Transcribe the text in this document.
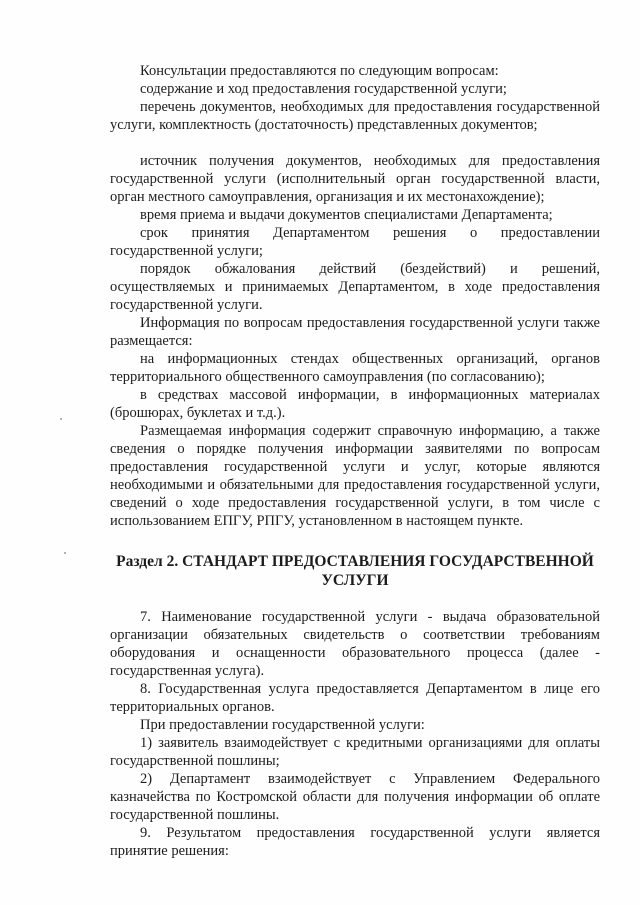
Консультации предоставляются по следующим вопросам:

содержание и ход предоставления государственной услуги;

перечень документов, необходимых для предоставления государственной услуги, комплектность (достаточность) представленных документов;

источник получения документов, необходимых для предоставления государственной услуги (исполнительный орган государственной власти, орган местного самоуправления, организация и их местонахождение);

время приема и выдачи документов специалистами Департамента;

срок принятия Департаментом решения о предоставлении государственной услуги;

порядок обжалования действий (бездействий) и решений, осуществляемых и принимаемых Департаментом, в ходе предоставления государственной услуги.

Информация по вопросам предоставления государственной услуги также размещается:

на информационных стендах общественных организаций, органов территориального общественного самоуправления (по согласованию);

в средствах массовой информации, в информационных материалах (брошюрах, буклетах и т.д.).

Размещаемая информация содержит справочную информацию, а также сведения о порядке получения информации заявителями по вопросам предоставления государственной услуги и услуг, которые являются необходимыми и обязательными для предоставления государственной услуги, сведений о ходе предоставления государственной услуги, в том числе с использованием ЕПГУ, РПГУ, установленном в настоящем пункте.

Раздел 2. СТАНДАРТ ПРЕДОСТАВЛЕНИЯ ГОСУДАРСТВЕННОЙ УСЛУГИ

7. Наименование государственной услуги - выдача образовательной организации обязательных свидетельств о соответствии требованиям оборудования и оснащенности образовательного процесса (далее - государственная услуга).

8. Государственная услуга предоставляется Департаментом в лице его территориальных органов.

При предоставлении государственной услуги:

1) заявитель взаимодействует с кредитными организациями для оплаты государственной пошлины;

2) Департамент взаимодействует с Управлением Федерального казначейства по Костромской области для получения информации об оплате государственной пошлины.

9. Результатом предоставления государственной услуги является принятие решения:
